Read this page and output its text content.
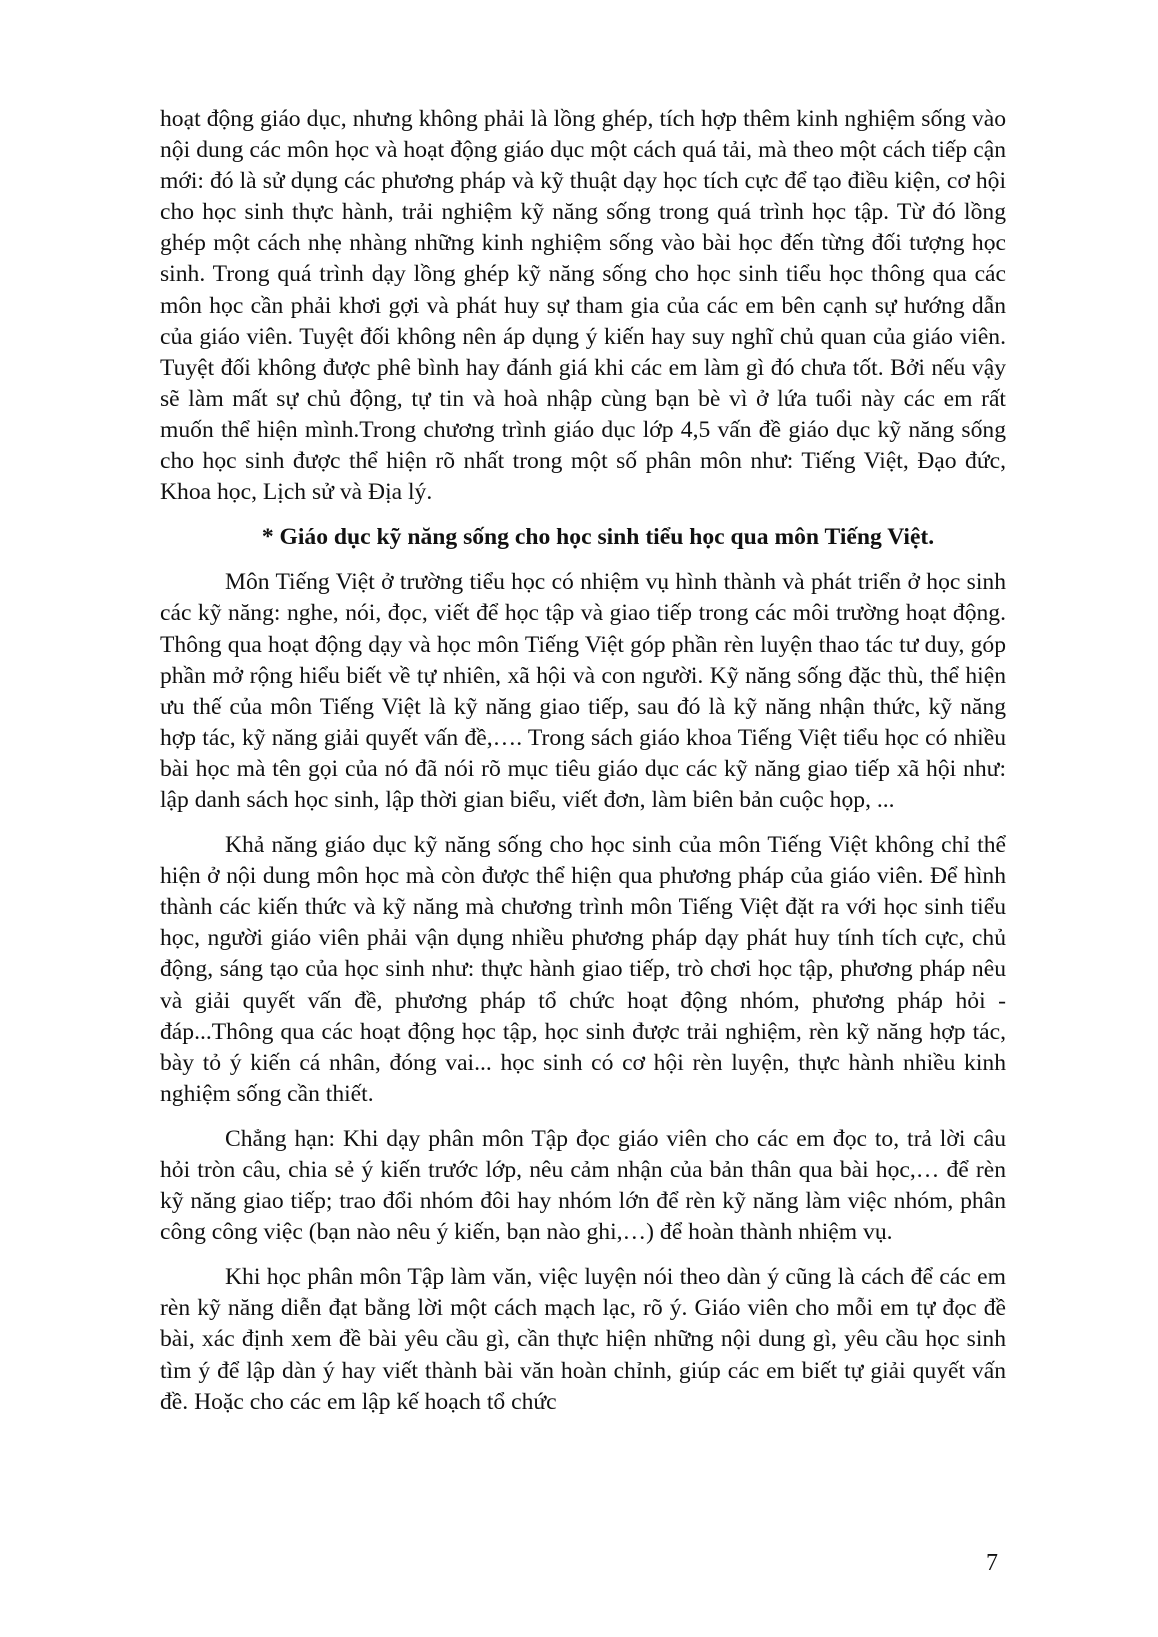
hoạt động giáo dục, nhưng không phải là lồng ghép, tích hợp thêm kinh nghiệm sống vào nội dung các môn học và hoạt động giáo dục một cách quá tải, mà theo một cách tiếp cận mới: đó là sử dụng các phương pháp và kỹ thuật dạy học tích cực để tạo điều kiện, cơ hội cho học sinh thực hành, trải nghiệm kỹ năng sống trong quá trình học tập. Từ đó lồng ghép một cách nhẹ nhàng những kinh nghiệm sống vào bài học đến từng đối tượng học sinh. Trong quá trình dạy lồng ghép kỹ năng sống cho học sinh tiểu học thông qua các môn học cần phải khơi gợi và phát huy sự tham gia của các em bên cạnh sự hướng dẫn của giáo viên. Tuyệt đối không nên áp dụng ý kiến hay suy nghĩ chủ quan của giáo viên. Tuyệt đối không được phê bình hay đánh giá khi các em làm gì đó chưa tốt. Bởi nếu vậy sẽ làm mất sự chủ động, tự tin và hoà nhập cùng bạn bè vì ở lứa tuổi này các em rất muốn thể hiện mình.Trong chương trình giáo dục lớp 4,5 vấn đề giáo dục kỹ năng sống cho học sinh được thể hiện rõ nhất trong một số phân môn như: Tiếng Việt, Đạo đức, Khoa học, Lịch sử và Địa lý.

* Giáo dục kỹ năng sống cho học sinh tiểu học qua môn Tiếng Việt.

Môn Tiếng Việt ở trường tiểu học có nhiệm vụ hình thành và phát triển ở học sinh các kỹ năng: nghe, nói, đọc, viết để học tập và giao tiếp trong các môi trường hoạt động. Thông qua hoạt động dạy và học môn Tiếng Việt góp phần rèn luyện thao tác tư duy, góp phần mở rộng hiểu biết về tự nhiên, xã hội và con người. Kỹ năng sống đặc thù, thể hiện ưu thế của môn Tiếng Việt là kỹ năng giao tiếp, sau đó là kỹ năng nhận thức, kỹ năng hợp tác, kỹ năng giải quyết vấn đề,…. Trong sách giáo khoa Tiếng Việt tiểu học có nhiều bài học mà tên gọi của nó đã nói rõ mục tiêu giáo dục các kỹ năng giao tiếp xã hội như: lập danh sách học sinh, lập thời gian biểu, viết đơn, làm biên bản cuộc họp, ...

Khả năng giáo dục kỹ năng sống cho học sinh của môn Tiếng Việt không chỉ thể hiện ở nội dung môn học mà còn được thể hiện qua phương pháp của giáo viên. Để hình thành các kiến thức và kỹ năng mà chương trình môn Tiếng Việt đặt ra với học sinh tiểu học, người giáo viên phải vận dụng nhiều phương pháp dạy phát huy tính tích cực, chủ động, sáng tạo của học sinh như: thực hành giao tiếp, trò chơi học tập, phương pháp nêu và giải quyết vấn đề, phương pháp tổ chức hoạt động nhóm, phương pháp hỏi - đáp...Thông qua các hoạt động học tập, học sinh được trải nghiệm, rèn kỹ năng hợp tác, bày tỏ ý kiến cá nhân, đóng vai... học sinh có cơ hội rèn luyện, thực hành nhiều kinh nghiệm sống cần thiết.

Chẳng hạn: Khi dạy phân môn Tập đọc giáo viên cho các em đọc to, trả lời câu hỏi tròn câu, chia sẻ ý kiến trước lớp, nêu cảm nhận của bản thân qua bài học,… để rèn kỹ năng giao tiếp; trao đổi nhóm đôi hay nhóm lớn để rèn kỹ năng làm việc nhóm, phân công công việc (bạn nào nêu ý kiến, bạn nào ghi,…) để hoàn thành nhiệm vụ.

Khi học phân môn Tập làm văn, việc luyện nói theo dàn ý cũng là cách để các em rèn kỹ năng diễn đạt bằng lời một cách mạch lạc, rõ ý. Giáo viên cho mỗi em tự đọc đề bài, xác định xem đề bài yêu cầu gì, cần thực hiện những nội dung gì, yêu cầu học sinh tìm ý để lập dàn ý hay viết thành bài văn hoàn chỉnh, giúp các em biết tự giải quyết vấn đề. Hoặc cho các em lập kế hoạch tổ chức

7
